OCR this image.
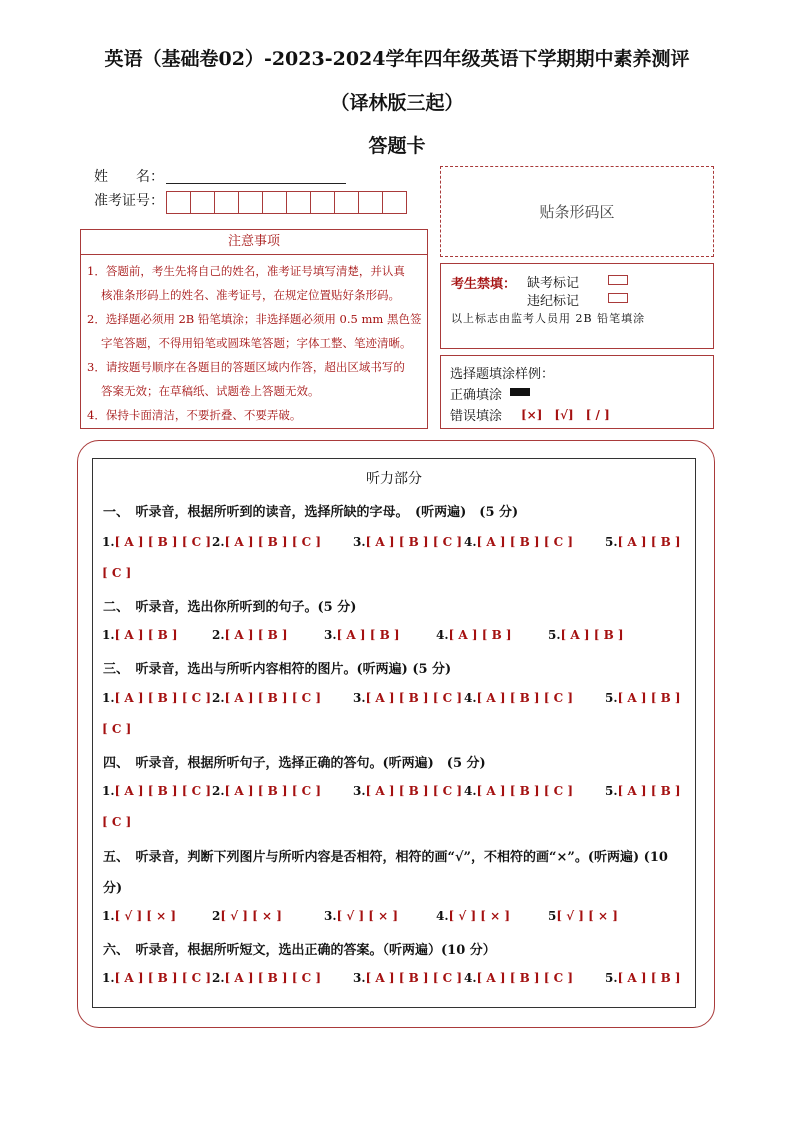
英语（基础卷02）-2023-2024学年四年级英语下学期期中素养测评
（译林版三起）
答题卡
姓　　名：
准考证号：
贴条形码区
注意事项
1．答题前，考生先将自己的姓名，准考证号填写清楚，并认真
核准条形码上的姓名、准考证号，在规定位置贴好条形码。
2．选择题必须用 2B 铅笔填涂；非选择题必须用 0.5 mm 黑色签
字笔答题，不得用铅笔或圆珠笔答题；字体工整、笔迹清晰。
3．请按题号顺序在各题目的答题区域内作答，超出区域书写的
答案无效；在草稿纸、试题卷上答题无效。
4．保持卡面清洁，不要折叠、不要弄破。
考生禁填： 缺考标记
违纪标记
以上标志由监考人员用 2B 铅笔填涂
选择题填涂样例：
正确填涂
错误填涂 [×]　[√]　[ / ]
听力部分
一、　听录音，根据所听到的读音，选择所缺的字母。　(听两遍)　(5 分)
1.[ A ] [ B ] [ C ] 2.[ A ] [ B ] [ C ]	3.[ A ] [ B ] [ C ] 4.[ A ] [ B ] [ C ]	5.[ A ] [ B ]
[ C ]
二、　听录音，选出你所听到的句子。(5 分)
1.[ A ] [ B ]	2.[ A ] [ B ]	3.[ A ] [ B ]	4.[ A ] [ B ]	5.[ A ] [ B ]
三、　听录音，选出与所听内容相符的图片。(听两遍) (5 分)
1.[ A ] [ B ] [ C ] 2.[ A ] [ B ] [ C ]	3.[ A ] [ B ] [ C ] 4.[ A ] [ B ] [ C ]	5.[ A ] [ B ]
[ C ]
四、　听录音，根据所听句子，选择正确的答句。(听两遍)　(5 分)
1.[ A ] [ B ] [ C ] 2.[ A ] [ B ] [ C ]	3.[ A ] [ B ] [ C ] 4.[ A ] [ B ] [ C ]	5.[ A ] [ B ]
[ C ]
五、　听录音，判断下列图片与所听内容是否相符，相符的画“√”，不相符的画“×”。(听两遍) (10
分)
1.[ √ ] [ × ]	2[ √ ] [ × ]	3.[ √ ] [ × ]	4.[ √ ] [ × ]	5[ √ ] [ × ]
六、　听录音，根据所听短文，选出正确的答案。（听两遍）(10 分）
1.[ A ] [ B ] [ C ] 2.[ A ] [ B ] [ C ]	3.[ A ] [ B ] [ C ] 4.[ A ] [ B ] [ C ]	5.[ A ] [ B ]
